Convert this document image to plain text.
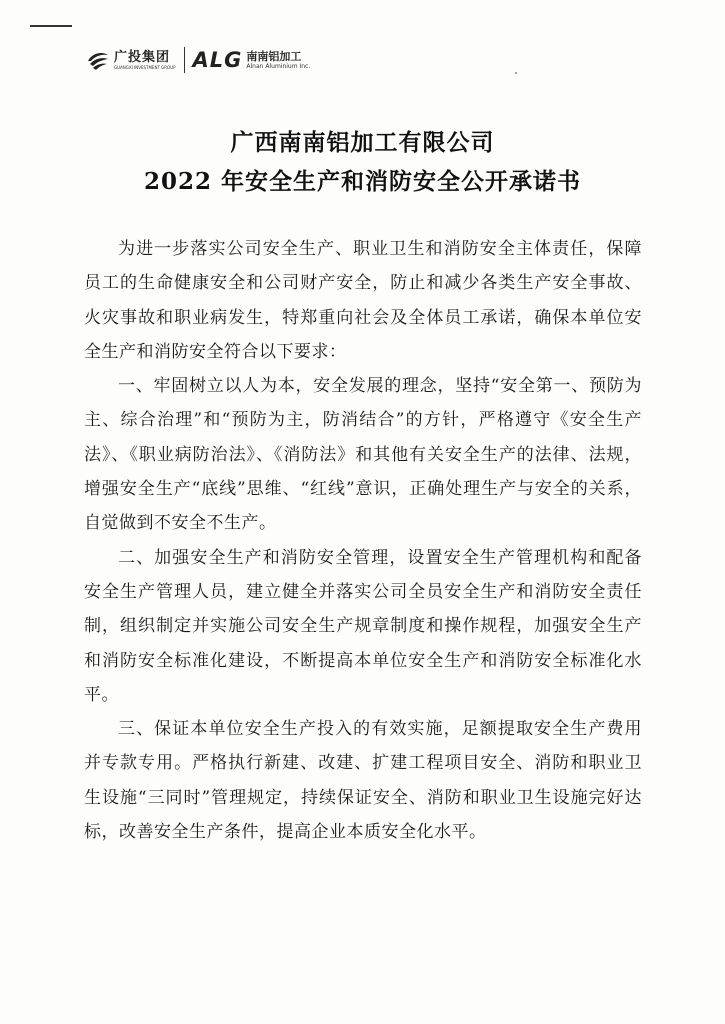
广投集团
GUANGXI INVESTMENT GROUP ALG 南南铝加工
Alnan Aluminium Inc.
广西南南铝加工有限公司
2022 年安全生产和消防安全公开承诺书

为进一步落实公司安全生产、职业卫生和消防安全主体责任，保障员工的生命健康安全和公司财产安全，防止和减少各类生产安全事故、火灾事故和职业病发生，特郑重向社会及全体员工承诺，确保本单位安全生产和消防安全符合以下要求：

一、牢固树立以人为本，安全发展的理念，坚持“安全第一、预防为主、综合治理”和“预防为主，防消结合”的方针，严格遵守《安全生产法》、《职业病防治法》、《消防法》和其他有关安全生产的法律、法规，增强安全生产“底线”思维、“红线”意识，正确处理生产与安全的关系，自觉做到不安全不生产。

二、加强安全生产和消防安全管理，设置安全生产管理机构和配备安全生产管理人员，建立健全并落实公司全员安全生产和消防安全责任制，组织制定并实施公司安全生产规章制度和操作规程，加强安全生产和消防安全标准化建设，不断提高本单位安全生产和消防安全标准化水平。

三、保证本单位安全生产投入的有效实施，足额提取安全生产费用并专款专用。严格执行新建、改建、扩建工程项目安全、消防和职业卫生设施“三同时”管理规定，持续保证安全、消防和职业卫生设施完好达标，改善安全生产条件，提高企业本质安全化水平。
